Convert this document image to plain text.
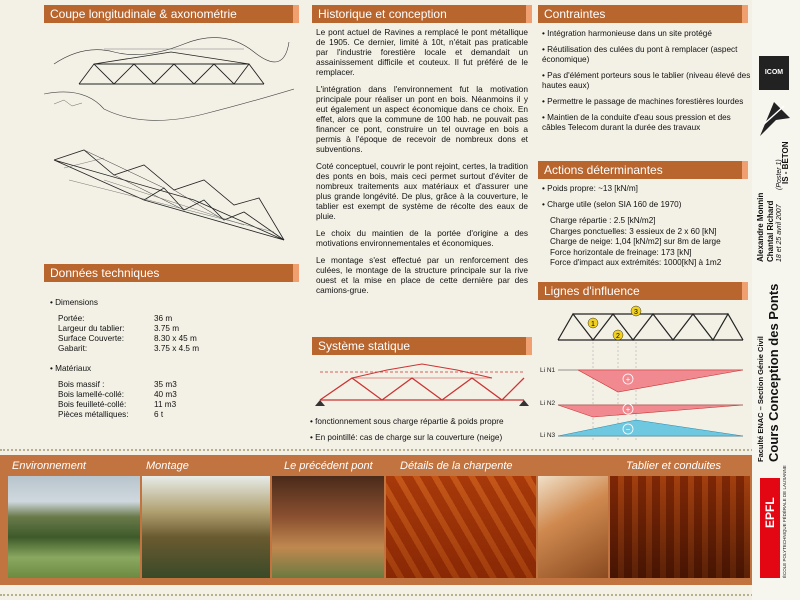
Coupe longitudinale & axonométrie	Historique et conception	Contraintes
Données techniques
Actions déterminantes
Lignes d'influence
Système statique

Le pont actuel de Ravines a remplacé le pont métallique de 1905. Ce dernier, limité à 10t, n'était pas praticable par l'industrie forestière locale et demandait un assainissement difficile et couteux. Il fut préféré de le remplacer.

L'intégration dans l'environnement fut la motivation principale pour réaliser un pont en bois. Néanmoins il y eut également un aspect économique dans ce choix. En effet, alors que la commune de 100 hab. ne pouvait pas financer ce pont, construire un tel ouvrage en bois a permis à l'époque de recevoir de nombreux dons et subventions.

Coté conceptuel, couvrir le pont rejoint, certes, la tradition des ponts en bois, mais ceci permet surtout d'éviter de nombreux traitements aux matériaux et d'assurer une plus grande longévité. De plus, grâce à la couverture, le tablier est exempt de système de récolte des eaux de pluie.

Le choix du maintien de la portée d'origine a des motivations environnementales et économiques.

Le montage s'est effectué par un renforcement des culées, le montage de la structure principale sur la rive ouest et la mise en place de cette dernière par des camions-grue.

• Intégration harmonieuse dans un site protégé
• Réutilisation des culées du pont à remplacer (aspect économique)
• Pas d'élément porteurs sous le tablier (niveau élevé des hautes eaux)
• Permettre le passage de machines forestières lourdes
• Maintien de la conduite d'eau sous pression et des câbles Telecom durant la durée des travaux
• Poids propre: ~13 [kN/m]
• Charge utile (selon SIA 160 de 1970)
Charge répartie : 2.5 [kN/m2]
Charges ponctuelles: 3 essieux de 2 x 60 [kN]
Charge de neige: 1,04 [kN/m2] sur 8m de large
Force horizontale de freinage: 173 [kN]
Force d'impact aux extrémités: 1000[kN] à 1m2
• Dimensions
Portée:	36 m
Largeur du tablier:	3.75 m
Surface Couverte:	8.30 x 45 m
Gabarit:	3.75 x 4.5 m
• Matériaux
Bois massif :	35 m3
Bois lamellé-collé:	40 m3
Bois feuilleté-collé:	11 m3
Pièces métalliques:	6 t
• fonctionnement sous charge répartie & poids propre
• En pointillé: cas de charge sur la couverture (neige)
1
2
3
+
+
−
Li N1
Li N2
Li N3
Environnement	Montage	Le précédent pont Détails de la charpente	Tablier et conduites
ICOM
IS - BETON
Alexandre Monnin Chantal Richard 18 et 25 avril 2007
(Poster 1)
Faculté ENAC – Section Génie Civil Cours Conception des Ponts
EPFL ÉCOLE POLYTECHNIQUE FÉDÉRALE DE LAUSANNE
